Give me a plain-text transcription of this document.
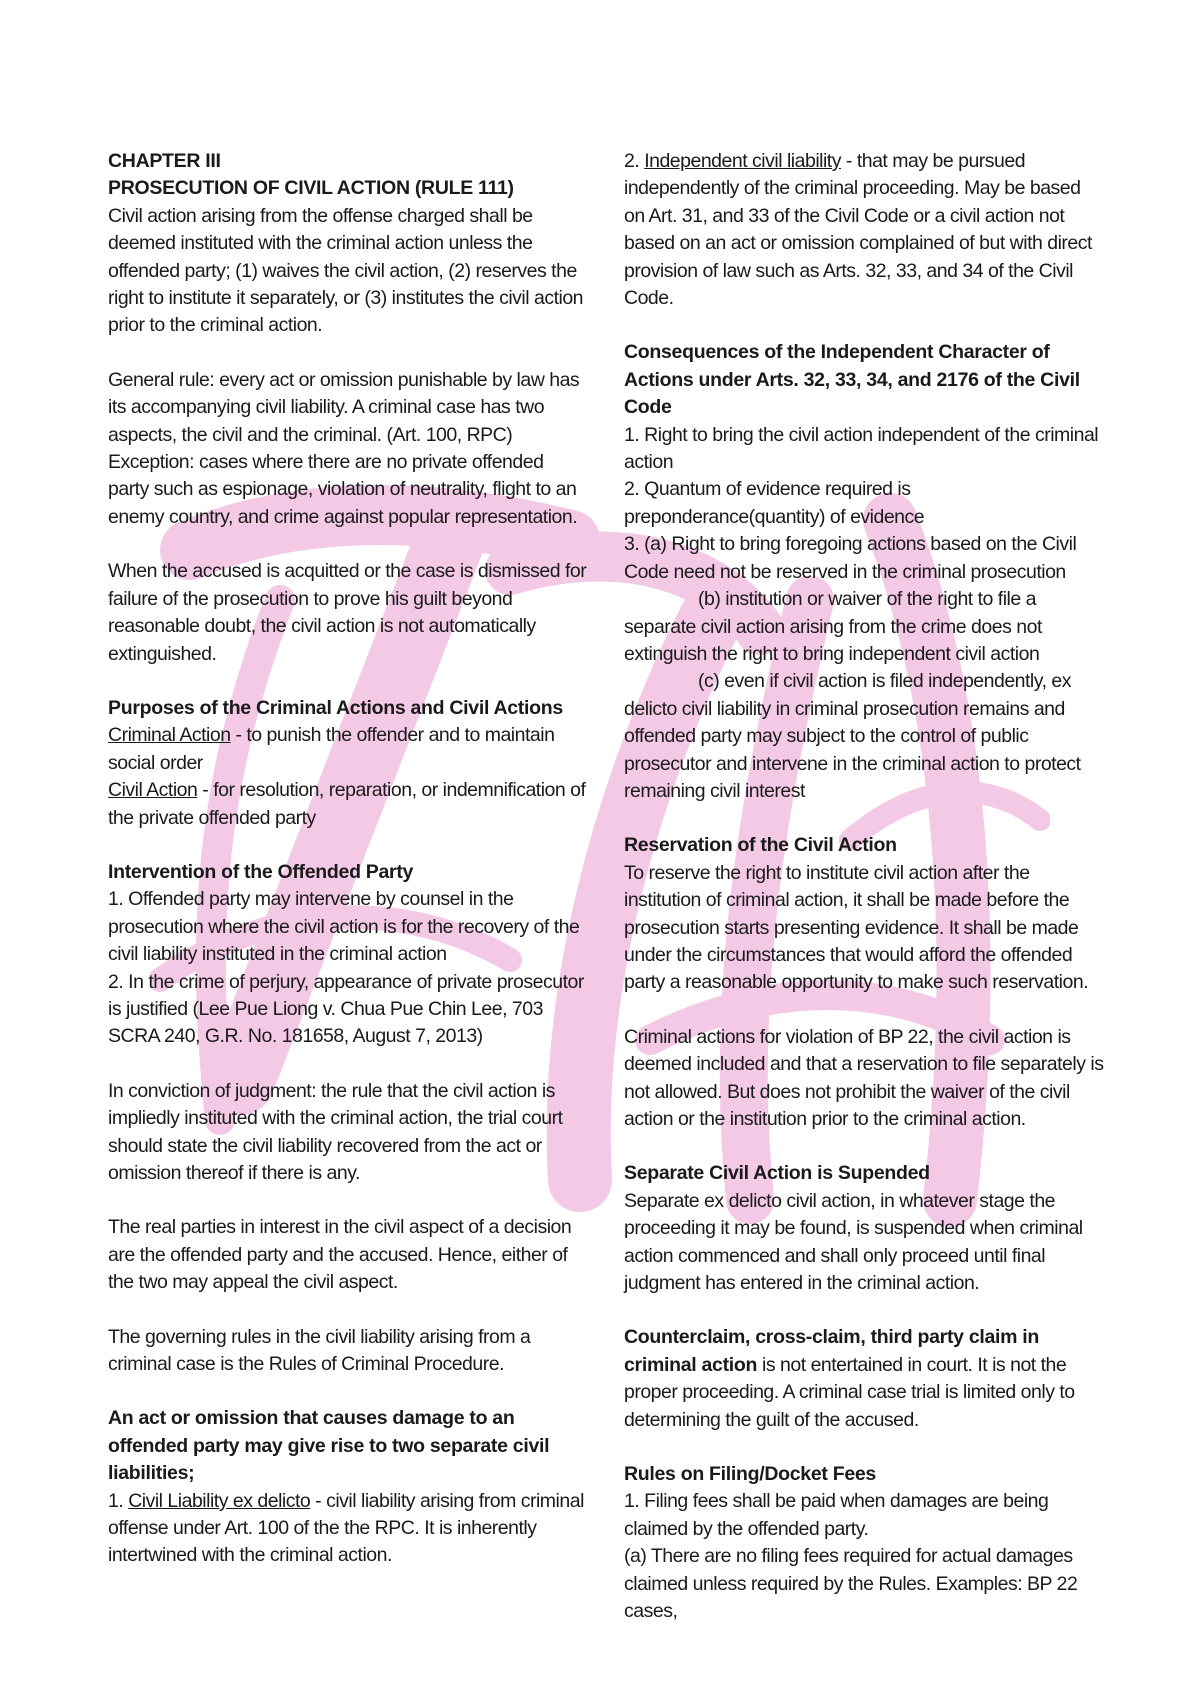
CHAPTER III

PROSECUTION OF CIVIL ACTION (RULE 111)

Civil action arising from the offense charged shall be deemed instituted with the criminal action unless the offended party; (1) waives the civil action, (2) reserves the right to institute it separately, or (3) institutes the civil action prior to the criminal action.

General rule: every act or omission punishable by law has its accompanying civil liability. A criminal case has two aspects, the civil and the criminal. (Art. 100, RPC)

Exception: cases where there are no private offended party such as espionage, violation of neutrality, flight to an enemy country, and crime against popular representation.

When the accused is acquitted or the case is dismissed for failure of the prosecution to prove his guilt beyond reasonable doubt, the civil action is not automatically extinguished.

Purposes of the Criminal Actions and Civil Actions

Criminal Action - to punish the offender and to maintain social order

Civil Action - for resolution, reparation, or indemnification of the private offended party

Intervention of the Offended Party

1. Offended party may intervene by counsel in the prosecution where the civil action is for the recovery of the civil liability instituted in the criminal action

2. In the crime of perjury, appearance of private prosecutor is justified (Lee Pue Liong v. Chua Pue Chin Lee, 703 SCRA 240, G.R. No. 181658, August 7, 2013)

In conviction of judgment: the rule that the civil action is impliedly instituted with the criminal action, the trial court should state the civil liability recovered from the act or omission thereof if there is any.

The real parties in interest in the civil aspect of a decision are the offended party and the accused. Hence, either of the two may appeal the civil aspect.

The governing rules in the civil liability arising from a criminal case is the Rules of Criminal Procedure.

An act or omission that causes damage to an offended party may give rise to two separate civil liabilities;

1. Civil Liability ex delicto - civil liability arising from criminal offense under Art. 100 of the the RPC. It is inherently intertwined with the criminal action.

2. Independent civil liability - that may be pursued independently of the criminal proceeding. May be based on Art. 31, and 33 of the Civil Code or a civil action not based on an act or omission complained of but with direct provision of law such as Arts. 32, 33, and 34 of the Civil Code.

Consequences of the Independent Character of Actions under Arts. 32, 33, 34, and 2176 of the Civil Code

1. Right to bring the civil action independent of the criminal action

2. Quantum of evidence required is preponderance(quantity) of evidence

3. (a) Right to bring foregoing actions based on the Civil Code need not be reserved in the criminal prosecution

(b) institution or waiver of the right to file a separate civil action arising from the crime does not extinguish the right to bring independent civil action

(c) even if civil action is filed independently, ex delicto civil liability in criminal prosecution remains and offended party may subject to the control of public prosecutor and intervene in the criminal action to protect remaining civil interest

Reservation of the Civil Action

To reserve the right to institute civil action after the institution of criminal action, it shall be made before the prosecution starts presenting evidence. It shall be made under the circumstances that would afford the offended party a reasonable opportunity to make such reservation.

Criminal actions for violation of BP 22, the civil action is deemed included and that a reservation to file separately is not allowed. But does not prohibit the waiver of the civil action or the institution prior to the criminal action.

Separate Civil Action is Supended

Separate ex delicto civil action, in whatever stage the proceeding it may be found, is suspended when criminal action commenced and shall only proceed until final judgment has entered in the criminal action.

Counterclaim, cross-claim, third party claim in criminal action is not entertained in court. It is not the proper proceeding. A criminal case trial is limited only to determining the guilt of the accused.

Rules on Filing/Docket Fees

1. Filing fees shall be paid when damages are being claimed by the offended party.

(a) There are no filing fees required for actual damages claimed unless required by the Rules. Examples: BP 22 cases,
